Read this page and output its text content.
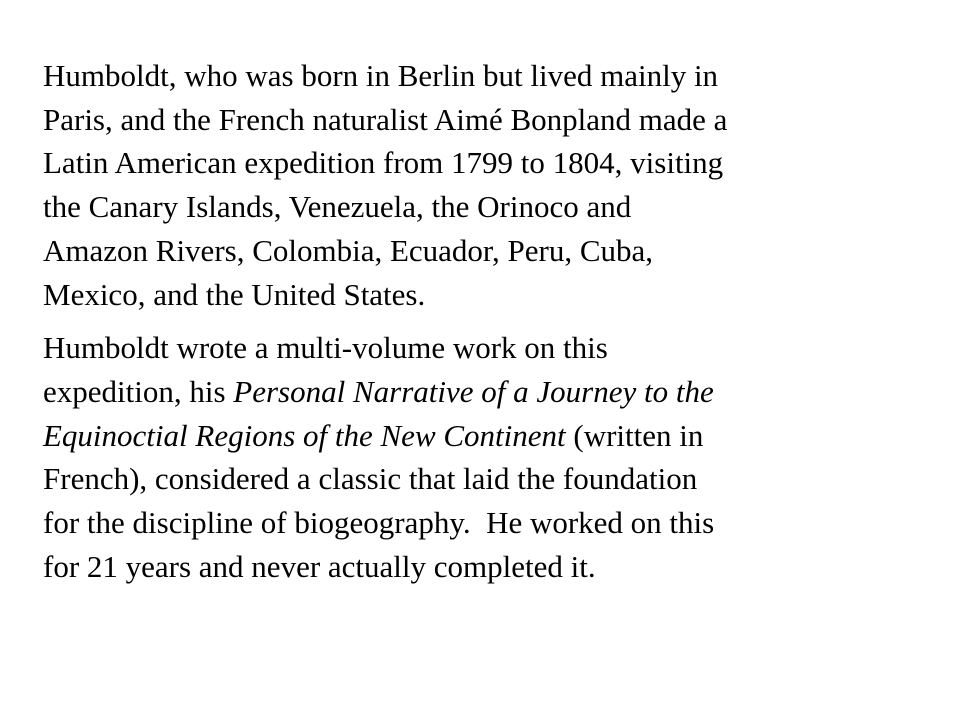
Humboldt, who was born in Berlin but lived mainly in
Paris, and the French naturalist Aimé Bonpland made a
Latin American expedition from 1799 to 1804, visiting
the Canary Islands, Venezuela, the Orinoco and
Amazon Rivers, Colombia, Ecuador, Peru, Cuba,
Mexico, and the United States.

Humboldt wrote a multi-volume work on this
expedition, his Personal Narrative of a Journey to the
Equinoctial Regions of the New Continent (written in
French), considered a classic that laid the foundation
for the discipline of biogeography.  He worked on this
for 21 years and never actually completed it.
